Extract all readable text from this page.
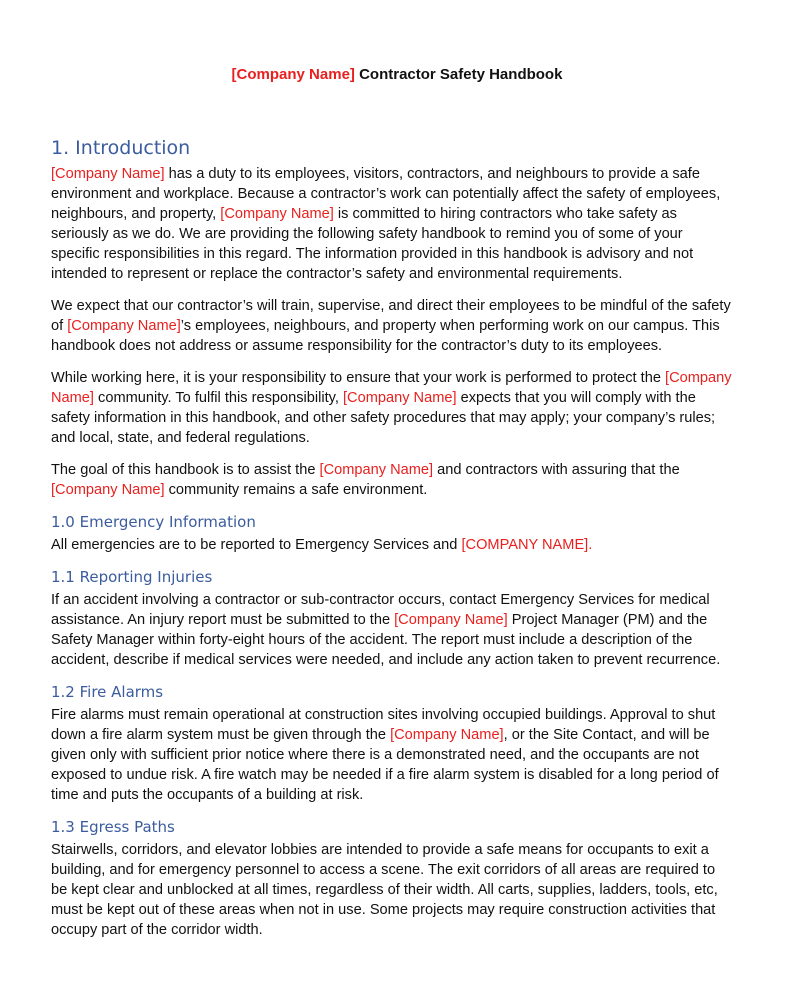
[Company Name] Contractor Safety Handbook
1. Introduction

[Company Name] has a duty to its employees, visitors, contractors, and neighbours to provide a safe environment and workplace. Because a contractor’s work can potentially affect the safety of employees, neighbours, and property, [Company Name] is committed to hiring contractors who take safety as seriously as we do. We are providing the following safety handbook to remind you of some of your specific responsibilities in this regard. The information provided in this handbook is advisory and not intended to represent or replace the contractor’s safety and environmental requirements.

We expect that our contractor’s will train, supervise, and direct their employees to be mindful of the safety of [Company Name]’s employees, neighbours, and property when performing work on our campus. This handbook does not address or assume responsibility for the contractor’s duty to its employees.

While working here, it is your responsibility to ensure that your work is performed to protect the [Company Name] community. To fulfil this responsibility, [Company Name] expects that you will comply with the safety information in this handbook, and other safety procedures that may apply; your company’s rules; and local, state, and federal regulations.

The goal of this handbook is to assist the [Company Name] and contractors with assuring that the [Company Name] community remains a safe environment.

1.0 Emergency Information

All emergencies are to be reported to Emergency Services and [COMPANY NAME].

1.1 Reporting Injuries

If an accident involving a contractor or sub-contractor occurs, contact Emergency Services for medical assistance. An injury report must be submitted to the [Company Name] Project Manager (PM) and the Safety Manager within forty-eight hours of the accident. The report must include a description of the accident, describe if medical services were needed, and include any action taken to prevent recurrence.

1.2 Fire Alarms

Fire alarms must remain operational at construction sites involving occupied buildings. Approval to shut down a fire alarm system must be given through the [Company Name], or the Site Contact, and will be given only with sufficient prior notice where there is a demonstrated need, and the occupants are not exposed to undue risk. A fire watch may be needed if a fire alarm system is disabled for a long period of time and puts the occupants of a building at risk.

1.3 Egress Paths

Stairwells, corridors, and elevator lobbies are intended to provide a safe means for occupants to exit a building, and for emergency personnel to access a scene. The exit corridors of all areas are required to be kept clear and unblocked at all times, regardless of their width. All carts, supplies, ladders, tools, etc, must be kept out of these areas when not in use. Some projects may require construction activities that occupy part of the corridor width.
